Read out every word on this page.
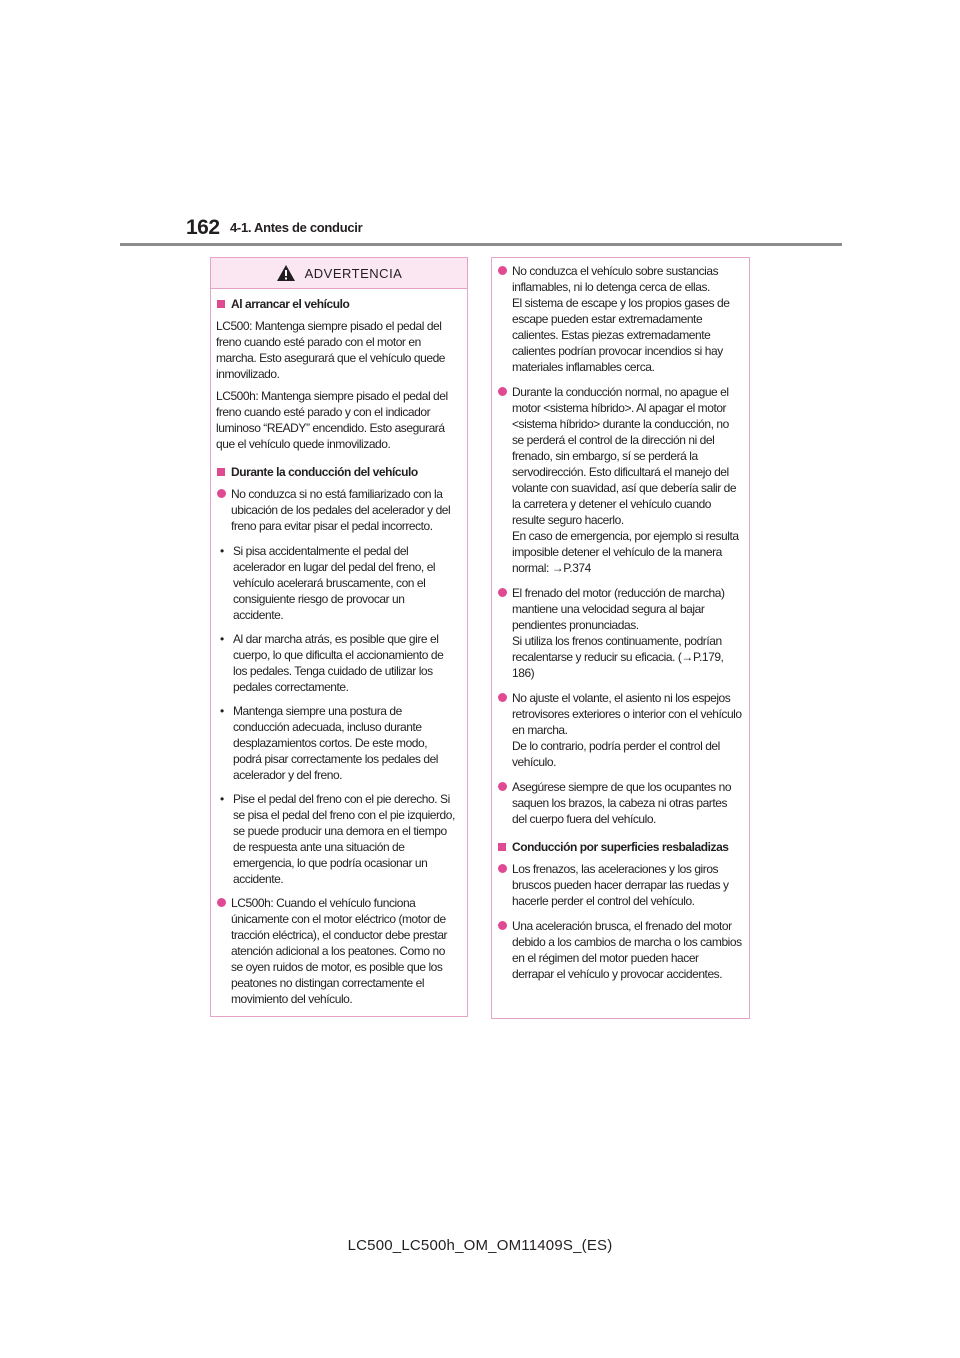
162 4-1. Antes de conducir
ADVERTENCIA
Al arrancar el vehículo

LC500: Mantenga siempre pisado el pedal del freno cuando esté parado con el motor en marcha. Esto asegurará que el vehículo quede inmovilizado.

LC500h: Mantenga siempre pisado el pedal del freno cuando esté parado y con el indicador luminoso “READY” encendido. Esto asegurará que el vehículo quede inmovilizado.

Durante la conducción del vehículo
No conduzca si no está familiarizado con la ubicación de los pedales del acelerador y del freno para evitar pisar el pedal incorrecto.
• Si pisa accidentalmente el pedal del acelerador en lugar del pedal del freno, el vehículo acelerará bruscamente, con el consiguiente riesgo de provocar un accidente.
• Al dar marcha atrás, es posible que gire el cuerpo, lo que dificulta el accionamiento de los pedales. Tenga cuidado de utilizar los pedales correctamente.
• Mantenga siempre una postura de conducción adecuada, incluso durante desplazamientos cortos. De este modo, podrá pisar correctamente los pedales del acelerador y del freno.
• Pise el pedal del freno con el pie derecho. Si se pisa el pedal del freno con el pie izquierdo, se puede producir una demora en el tiempo de respuesta ante una situación de emergencia, lo que podría ocasionar un accidente.
LC500h: Cuando el vehículo funciona únicamente con el motor eléctrico (motor de tracción eléctrica), el conductor debe prestar atención adicional a los peatones. Como no se oyen ruidos de motor, es posible que los peatones no distingan correctamente el movimiento del vehículo.
No conduzca el vehículo sobre sustancias inflamables, ni lo detenga cerca de ellas.
El sistema de escape y los propios gases de escape pueden estar extremadamente calientes. Estas piezas extremadamente calientes podrían provocar incendios si hay materiales inflamables cerca.
Durante la conducción normal, no apague el motor <sistema híbrido>. Al apagar el motor <sistema híbrido> durante la conducción, no se perderá el control de la dirección ni del frenado, sin embargo, sí se perderá la servodirección. Esto dificultará el manejo del volante con suavidad, así que debería salir de la carretera y detener el vehículo cuando resulte seguro hacerlo.
En caso de emergencia, por ejemplo si resulta imposible detener el vehículo de la manera normal: →P.374
El frenado del motor (reducción de marcha) mantiene una velocidad segura al bajar pendientes pronunciadas.
Si utiliza los frenos continuamente, podrían recalentarse y reducir su eficacia. (→P.179, 186)
No ajuste el volante, el asiento ni los espejos retrovisores exteriores o interior con el vehículo en marcha.
De lo contrario, podría perder el control del vehículo.
Asegúrese siempre de que los ocupantes no saquen los brazos, la cabeza ni otras partes del cuerpo fuera del vehículo.
Conducción por superficies resbaladizas
Los frenazos, las aceleraciones y los giros bruscos pueden hacer derrapar las ruedas y hacerle perder el control del vehículo.
Una aceleración brusca, el frenado del motor debido a los cambios de marcha o los cambios en el régimen del motor pueden hacer derrapar el vehículo y provocar accidentes.
LC500_LC500h_OM_OM11409S_(ES)
